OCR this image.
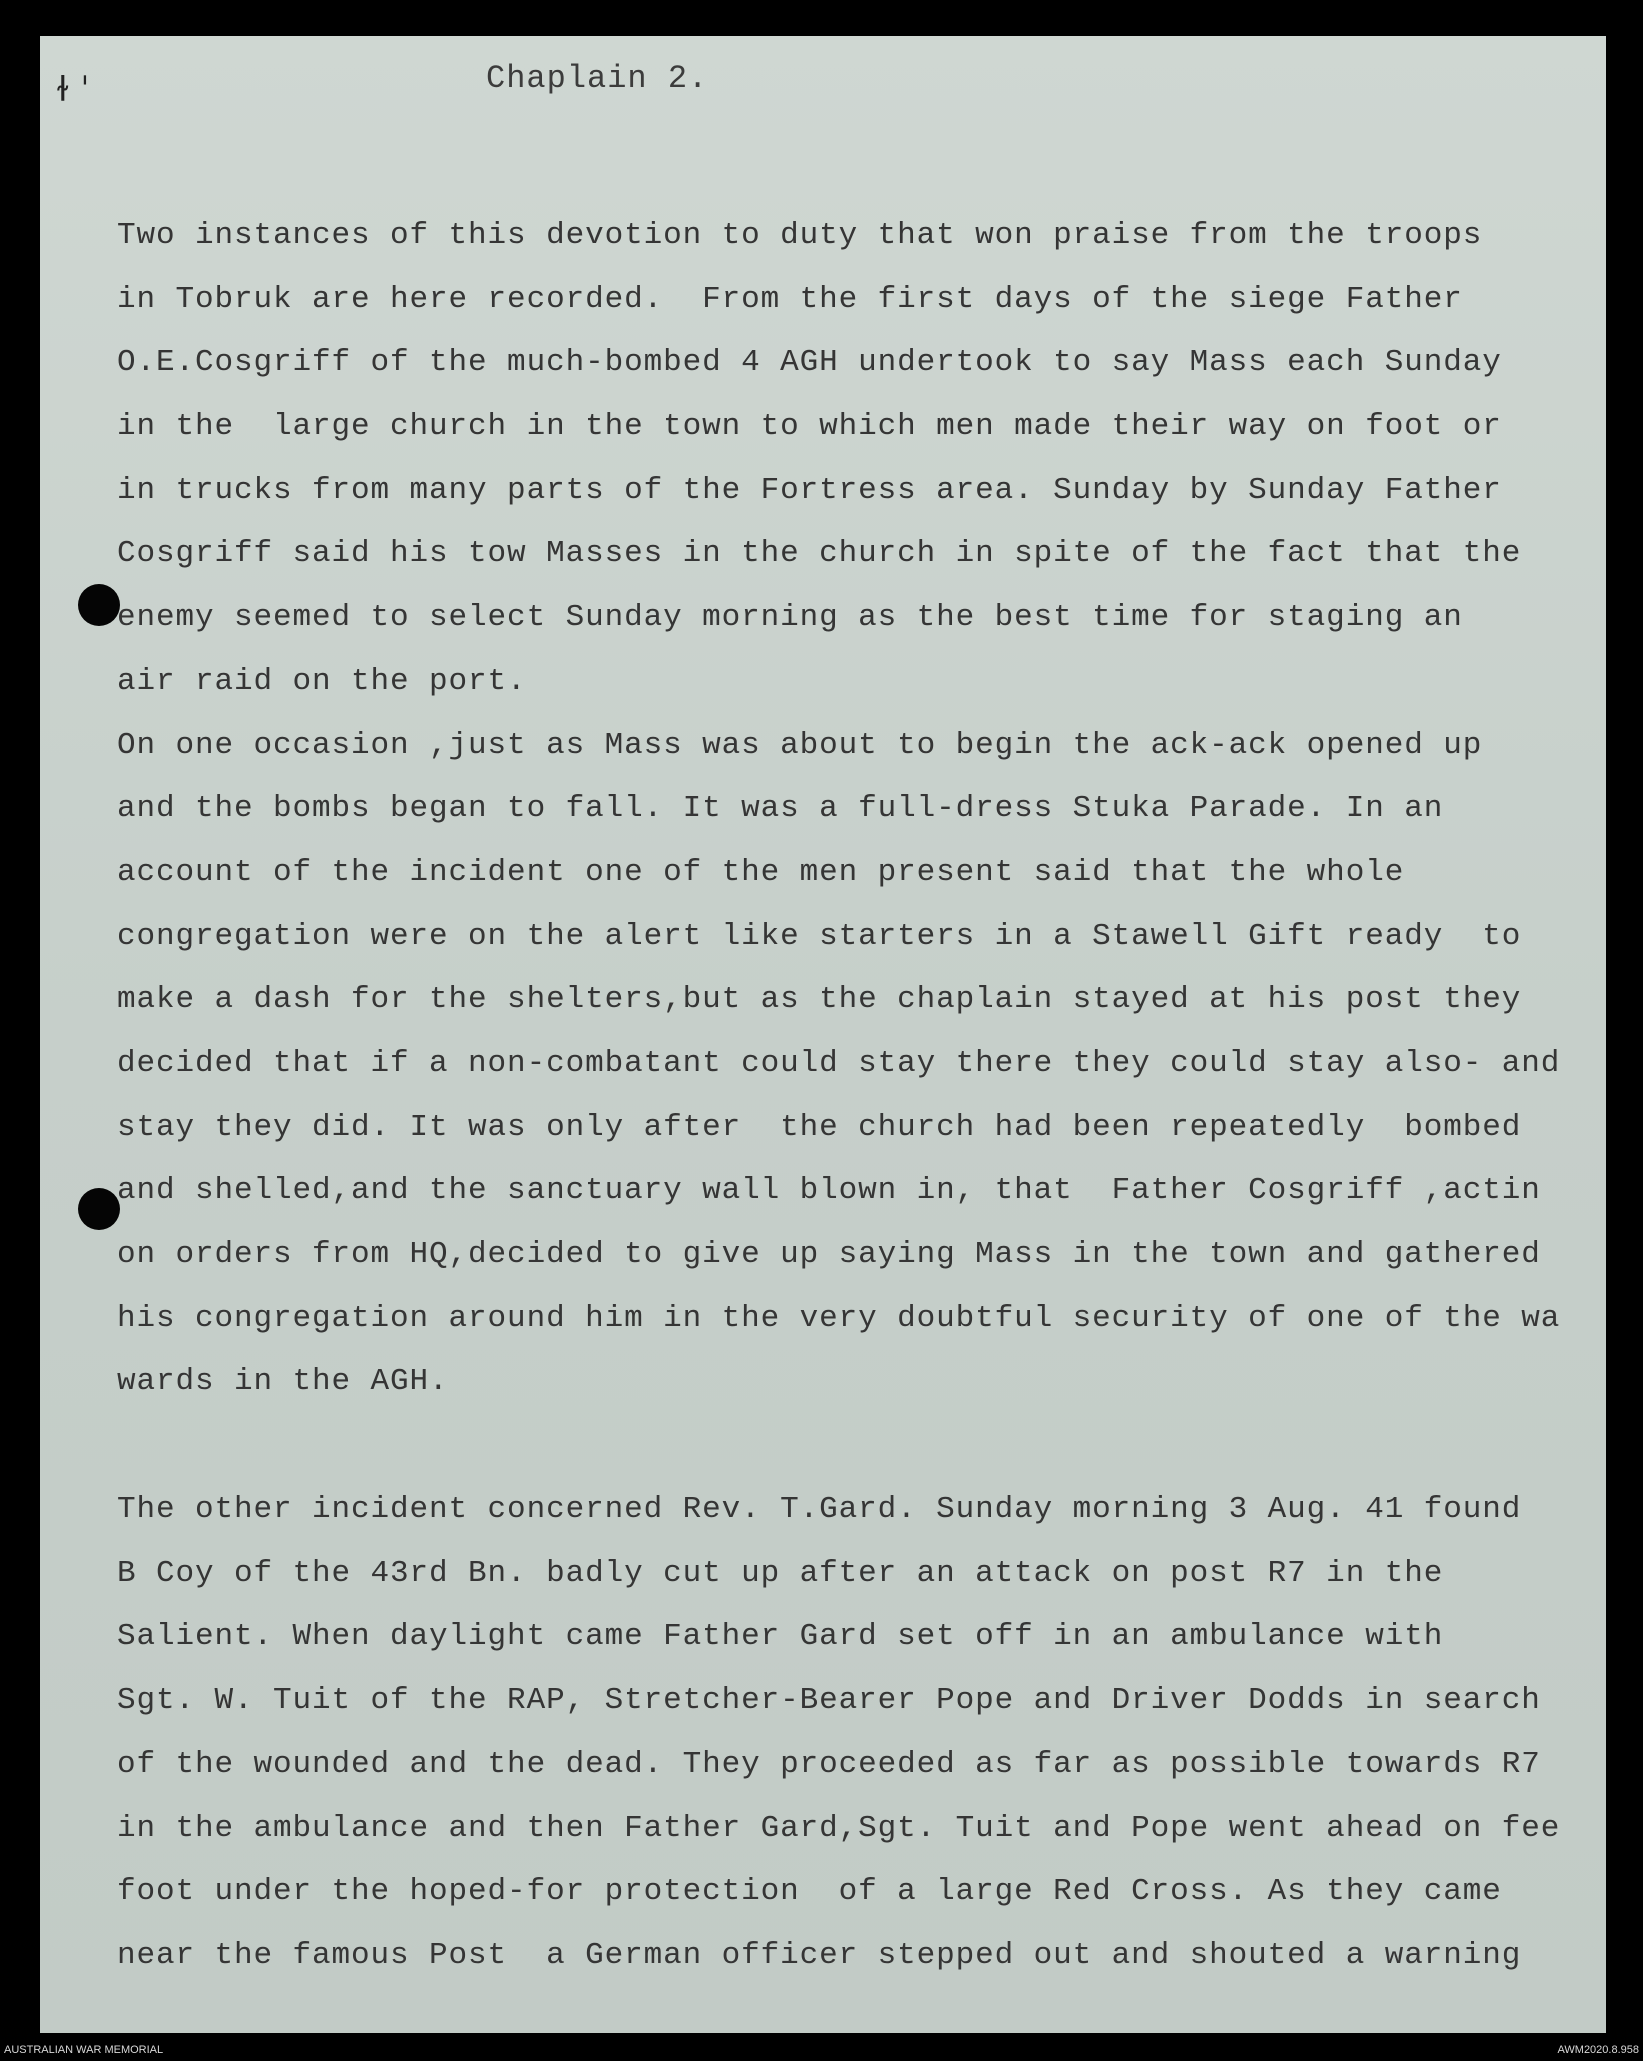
ɫ ˈ	Chaplain 2.
Two instances of this devotion to duty that won praise from the troops
in Tobruk are here recorded.  From the first days of the siege Father
O.E.Cosgriff of the much-bombed 4 AGH undertook to say Mass each Sunday
in the  large church in the town to which men made their way on foot or
in trucks from many parts of the Fortress area. Sunday by Sunday Father
Cosgriff said his tow Masses in the church in spite of the fact that the
enemy seemed to select Sunday morning as the best time for staging an
air raid on the port.
On one occasion ,just as Mass was about to begin the ack-ack opened up
and the bombs began to fall. It was a full-dress Stuka Parade. In an
account of the incident one of the men present said that the whole
congregation were on the alert like starters in a Stawell Gift ready  to
make a dash for the shelters,but as the chaplain stayed at his post they
decided that if a non-combatant could stay there they could stay also- and
stay they did. It was only after  the church had been repeatedly  bombed
and shelled,and the sanctuary wall blown in, that  Father Cosgriff ,actin
on orders from HQ,decided to give up saying Mass in the town and gathered
his congregation around him in the very doubtful security of one of the wa
wards in the AGH.
The other incident concerned Rev. T.Gard. Sunday morning 3 Aug. 41 found
B Coy of the 43rd Bn. badly cut up after an attack on post R7 in the
Salient. When daylight came Father Gard set off in an ambulance with
Sgt. W. Tuit of the RAP, Stretcher-Bearer Pope and Driver Dodds in search
of the wounded and the dead. They proceeded as far as possible towards R7
in the ambulance and then Father Gard,Sgt. Tuit and Pope went ahead on fee
foot under the hoped-for protection  of a large Red Cross. As they came
near the famous Post  a German officer stepped out and shouted a warning
AUSTRALIAN WAR MEMORIAL	AWM2020.8.958
